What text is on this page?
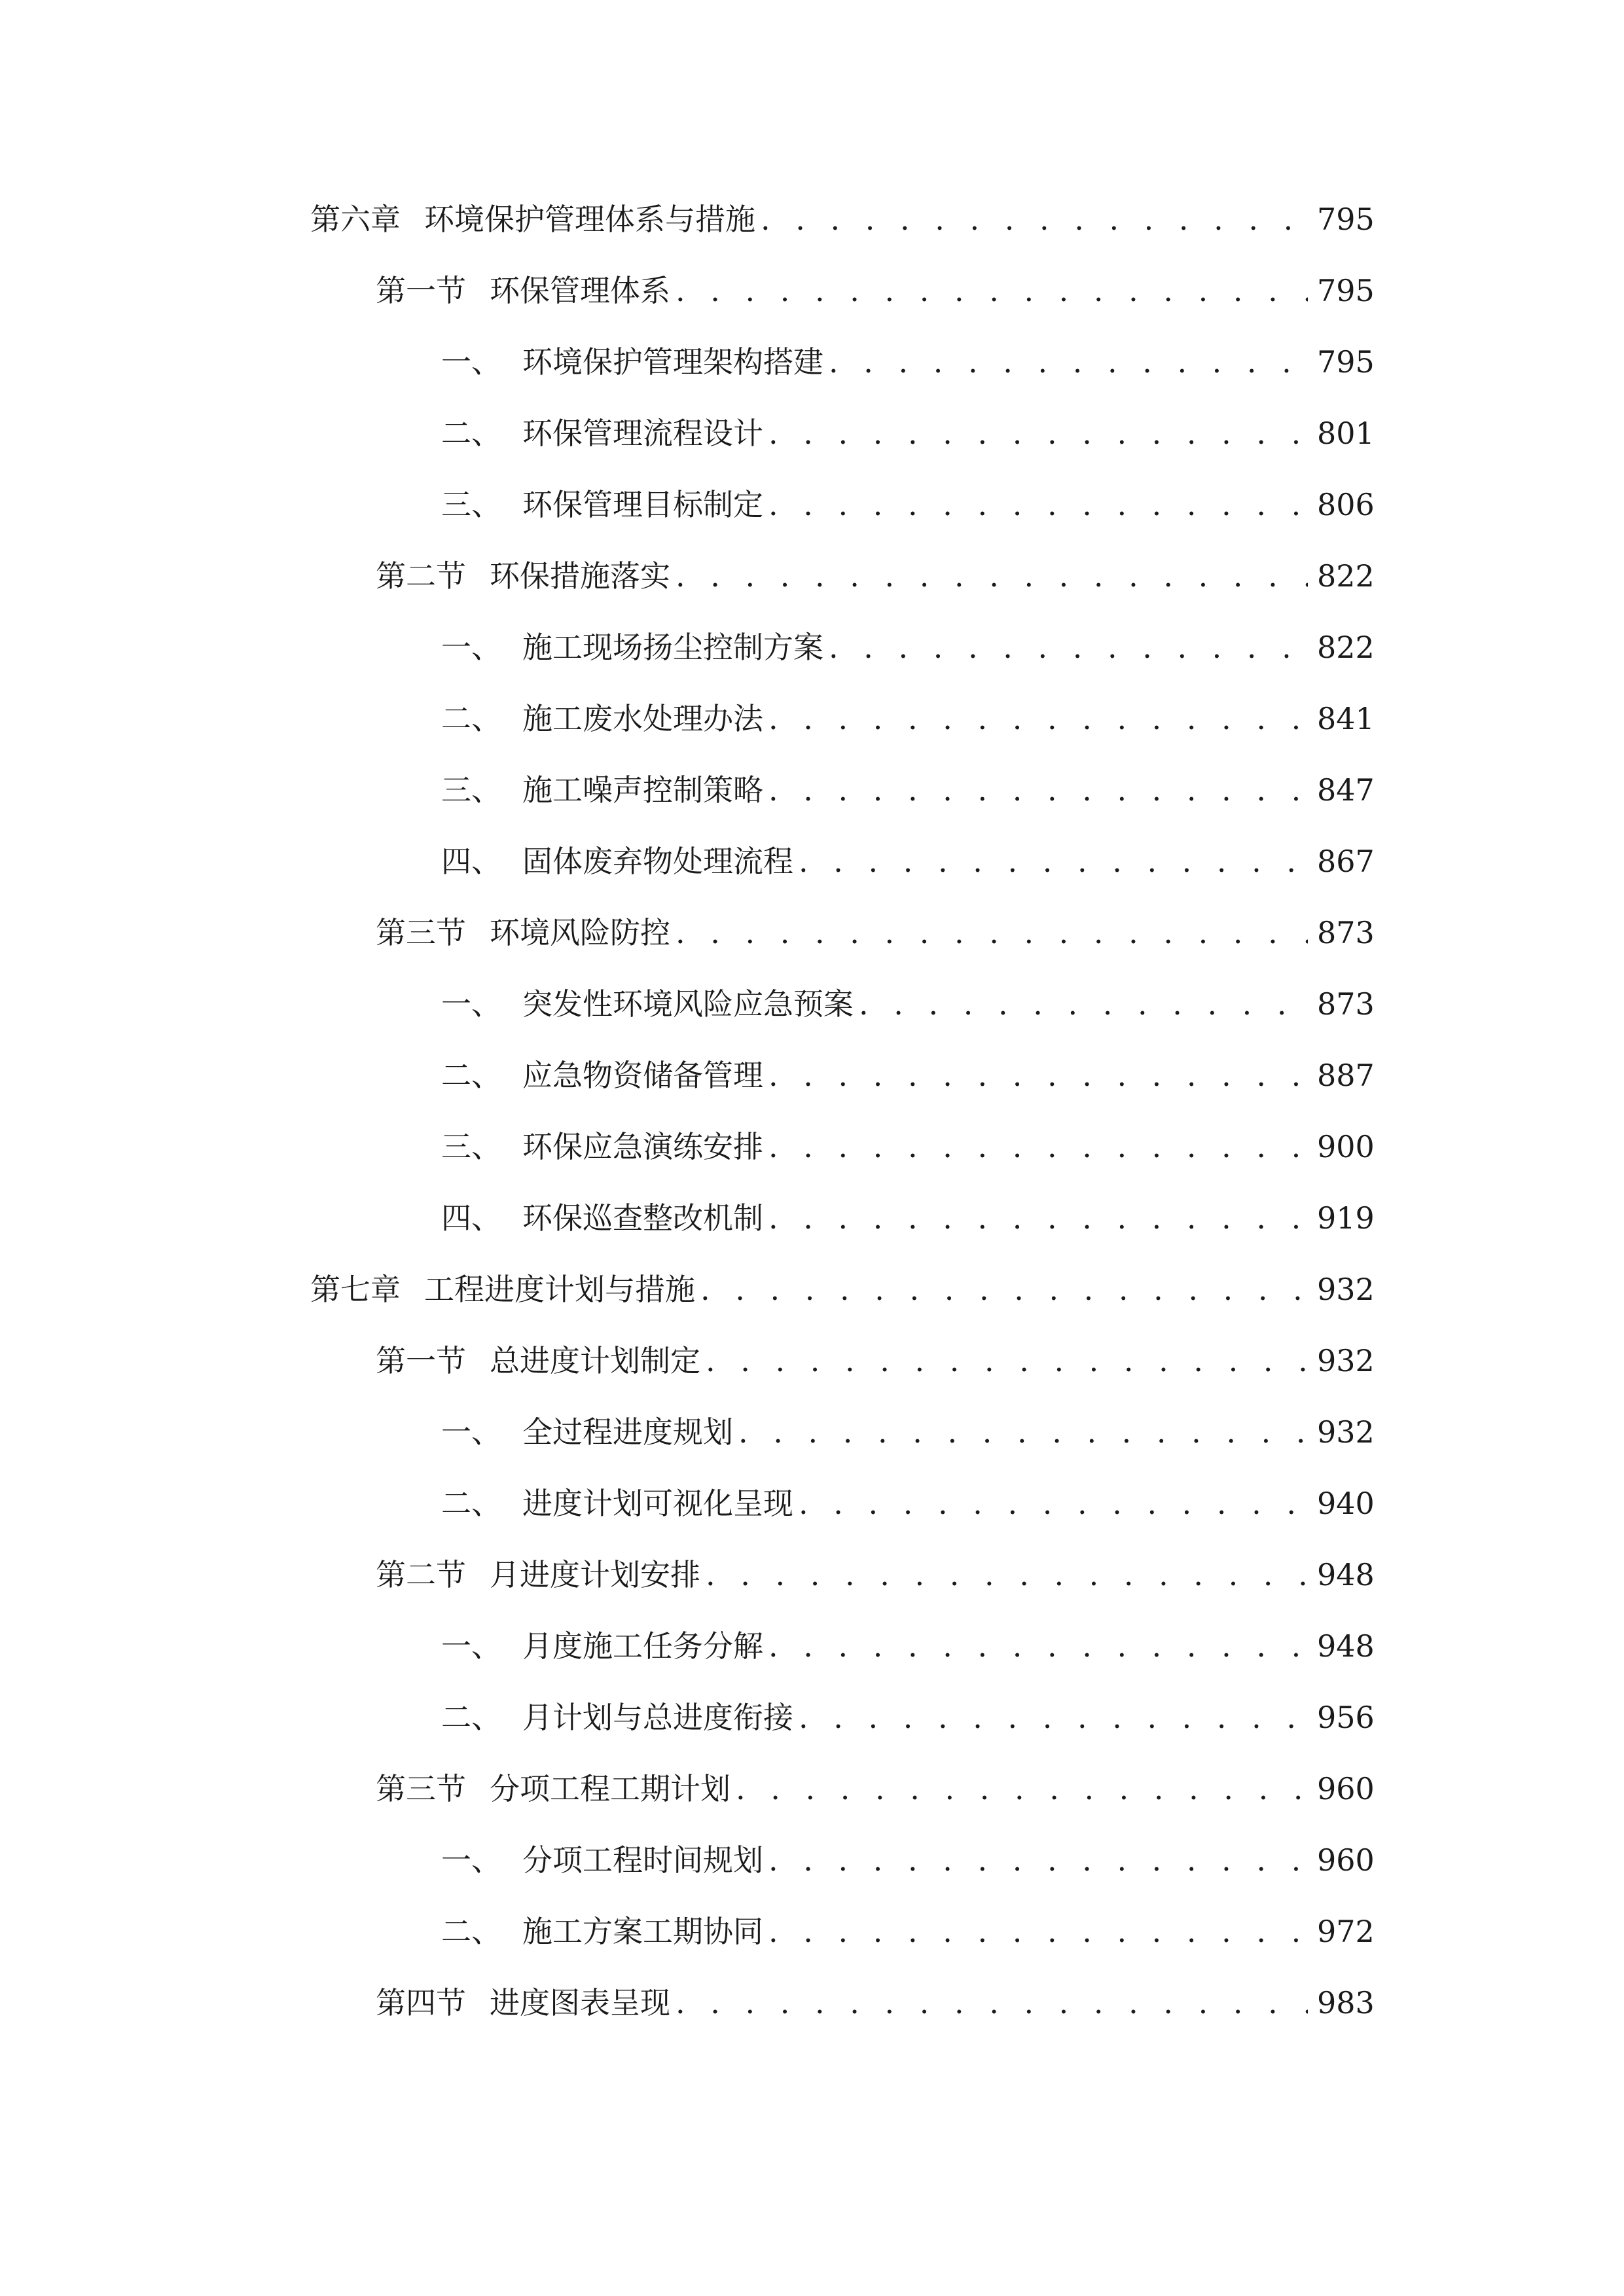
第六章 环境保护管理体系与措施 . . .	795
第一节 环保管理体系 . . .	795
一、 环境保护管理架构搭建 . . .	795
二、 环保管理流程设计 . . .	801
三、 环保管理目标制定 . . .	806
第二节 环保措施落实 . . .	822
一、 施工现场扬尘控制方案 . . .	822
二、 施工废水处理办法 . . .	841
三、 施工噪声控制策略 . . .	847
四、 固体废弃物处理流程 . . .	867
第三节 环境风险防控 . . .	873
一、 突发性环境风险应急预案 . . .	873
二、 应急物资储备管理 . . .	887
三、 环保应急演练安排 . . .	900
四、 环保巡查整改机制 . . .	919
第七章 工程进度计划与措施 . . .	932
第一节 总进度计划制定 . . .	932
一、 全过程进度规划 . . .	932
二、 进度计划可视化呈现 . . .	940
第二节 月进度计划安排 . . .	948
一、 月度施工任务分解 . . .	948
二、 月计划与总进度衔接 . . .	956
第三节 分项工程工期计划 . . .	960
一、 分项工程时间规划 . . .	960
二、 施工方案工期协同 . . .	972
第四节 进度图表呈现 . . .	983
